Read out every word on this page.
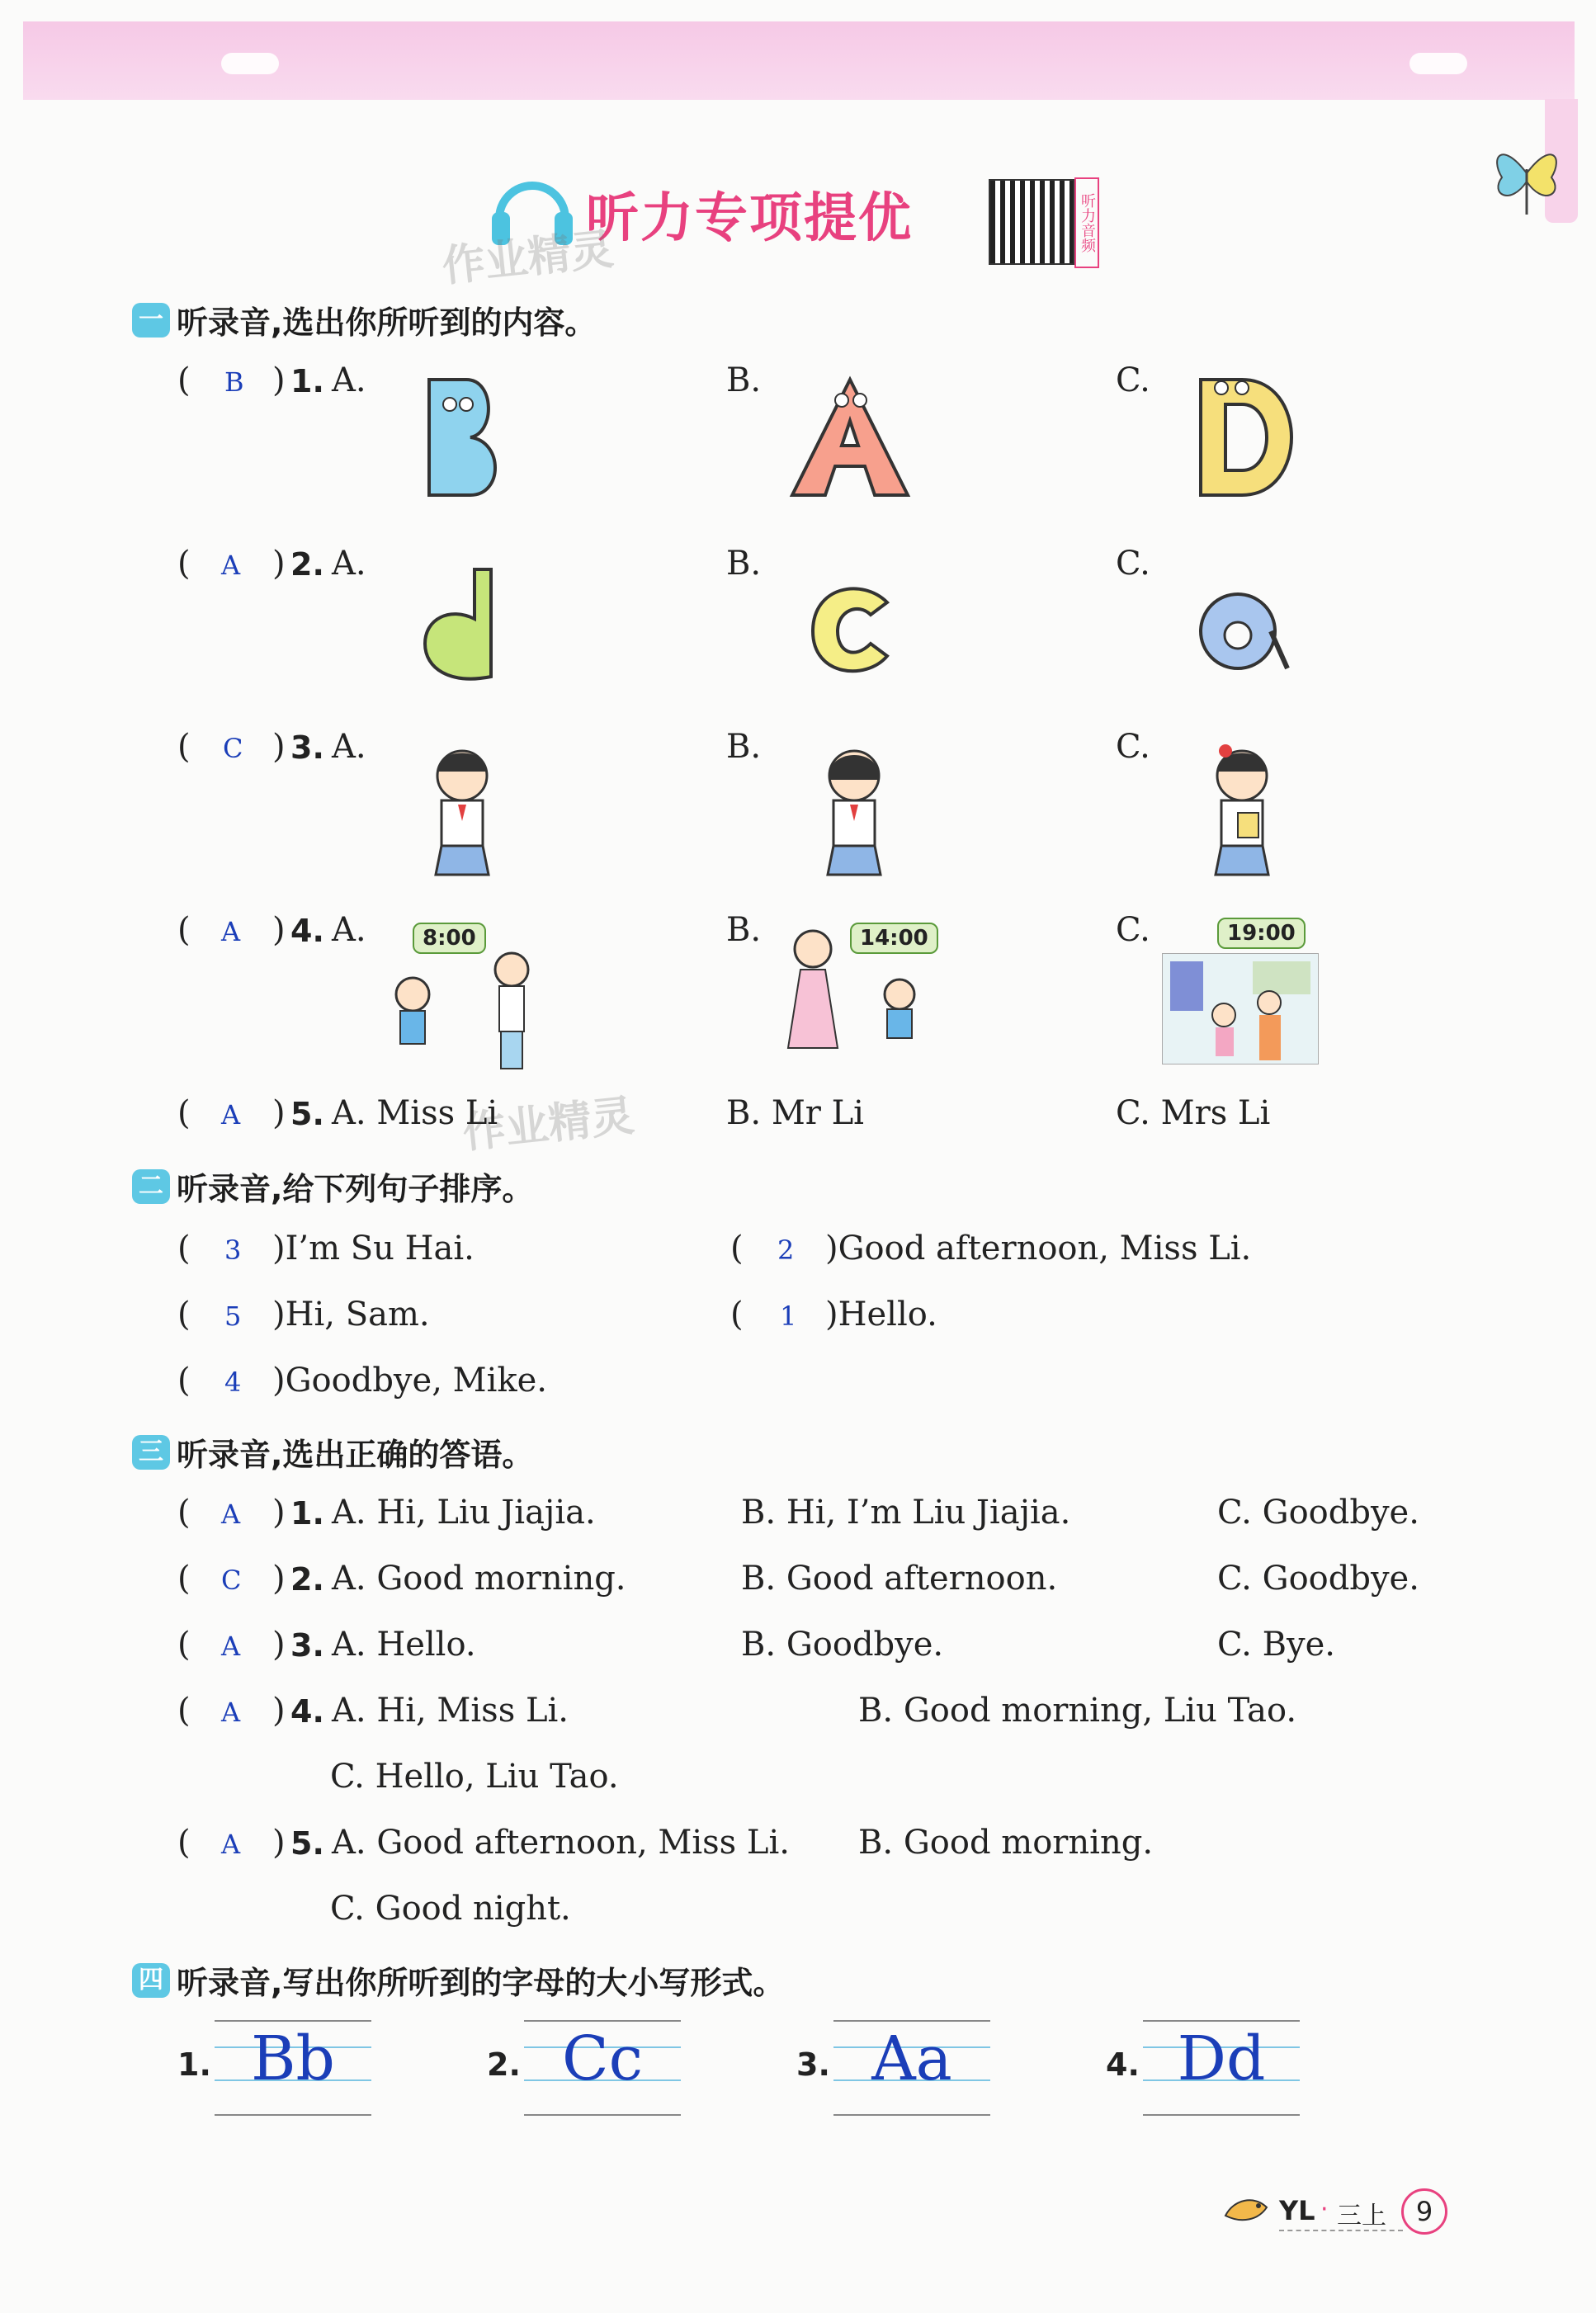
听力专项提优	听力音频
作业精灵
作业精灵
一 听录音,选出你所听到的内容。
( B ) 1. A.	B.	C.
( A ) 2. A.	B.	C.
( C ) 3. A.	B.	C.
( A ) 4. A.	B.	C.
8:00	14:00	19:00
( A ) 5. A. Miss Li	B. Mr Li	C. Mrs Li
二 听录音,给下列句子排序。
( 3 )I’m Su Hai.	( 2 )Good afternoon, Miss Li.
( 5 )Hi, Sam.	( 1 )Hello.
( 4 )Goodbye, Mike.
三 听录音,选出正确的答语。
( A ) 1. A. Hi, Liu Jiajia.	B. Hi, I’m Liu Jiajia.	C. Goodbye.
( C ) 2. A. Good morning.	B. Good afternoon.	C. Goodbye.
( A ) 3. A. Hello.	B. Goodbye.	C. Bye.
( A ) 4. A. Hi, Miss Li.	B. Good morning, Liu Tao.
C. Hello, Liu Tao.
( A ) 5. A. Good afternoon, Miss Li. B. Good morning.
C. Good night.
四 听录音,写出你所听到的字母的大小写形式。
1. Bb	2. Cc	3. Aa	4. Dd
YL · 三上	9
